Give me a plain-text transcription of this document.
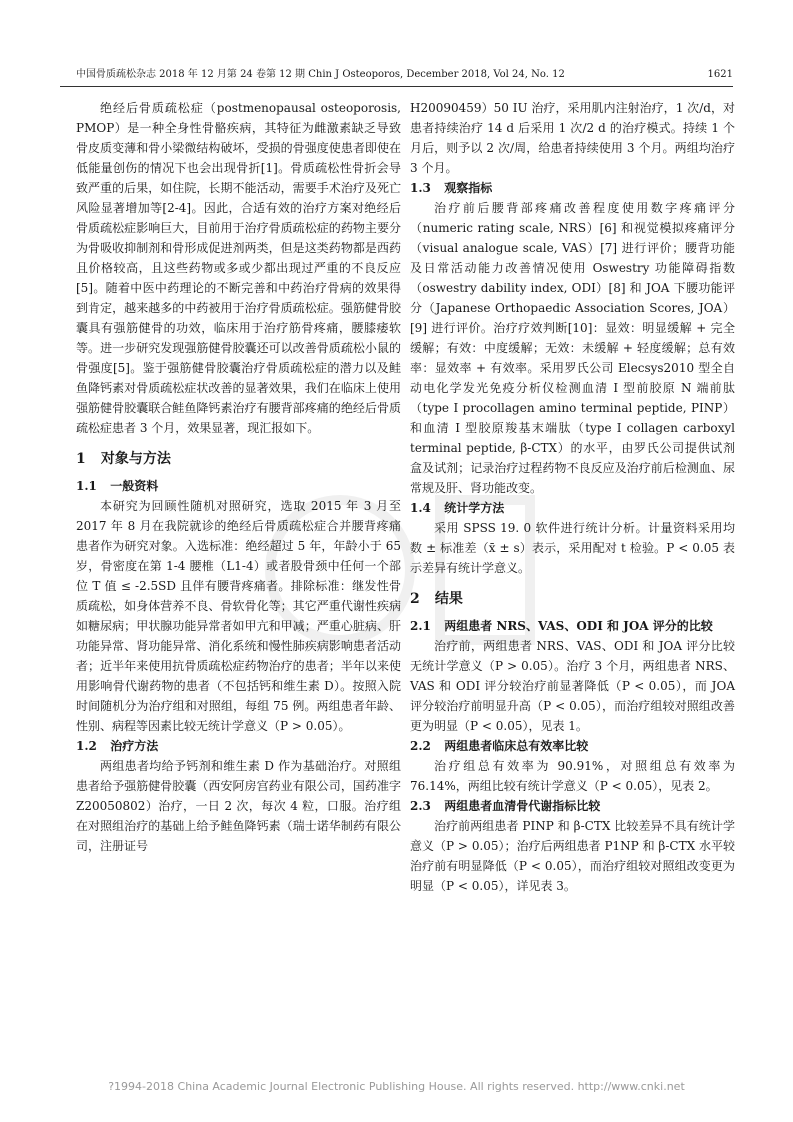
中国骨质疏松杂志 2018 年 12 月第 24 卷第 12 期 Chin J Osteoporos, December 2018, Vol 24, No. 12	1621

绝经后骨质疏松症（postmenopausal osteoporosis, PMOP）是一种全身性骨骼疾病，其特征为雌激素缺乏导致骨皮质变薄和骨小梁微结构破坏，受损的骨强度使患者即使在低能量创伤的情况下也会出现骨折[1]。骨质疏松性骨折会导致严重的后果，如住院，长期不能活动，需要手术治疗及死亡风险显著增加等[2-4]。因此，合适有效的治疗方案对绝经后骨质疏松症影响巨大，目前用于治疗骨质疏松症的药物主要分为骨吸收抑制剂和骨形成促进剂两类，但是这类药物都是西药且价格较高，且这些药物或多或少都出现过严重的不良反应[5]。随着中医中药理论的不断完善和中药治疗骨病的效果得到肯定，越来越多的中药被用于治疗骨质疏松症。强筋健骨胶囊具有强筋健骨的功效，临床用于治疗筋骨疼痛，腰膝痿软等。进一步研究发现强筋健骨胶囊还可以改善骨质疏松小鼠的骨强度[5]。鉴于强筋健骨胶囊治疗骨质疏松症的潜力以及鲑鱼降钙素对骨质疏松症状改善的显著效果，我们在临床上使用强筋健骨胶囊联合鲑鱼降钙素治疗有腰背部疼痛的绝经后骨质疏松症患者 3 个月，效果显著，现汇报如下。

1 对象与方法
1.1 一般资料

本研究为回顾性随机对照研究，选取 2015 年 3 月至 2017 年 8 月在我院就诊的绝经后骨质疏松症合并腰背疼痛患者作为研究对象。入选标准：绝经超过 5 年，年龄小于 65 岁，骨密度在第 1-4 腰椎（L1-4）或者股骨颈中任何一个部位 T 值 ≤ -2.5SD 且伴有腰背疼痛者。排除标准：继发性骨质疏松，如身体营养不良、骨软骨化等；其它严重代谢性疾病如糖尿病；甲状腺功能异常者如甲亢和甲减；严重心脏病、肝功能异常、肾功能异常、消化系统和慢性肺疾病影响患者活动者；近半年来使用抗骨质疏松症药物治疗的患者；半年以来使用影响骨代谢药物的患者（不包括钙和维生素 D）。按照入院时间随机分为治疗组和对照组，每组 75 例。两组患者年龄、性别、病程等因素比较无统计学意义（P > 0.05）。

1.2 治疗方法

两组患者均给予钙剂和维生素 D 作为基础治疗。对照组患者给予强筋健骨胶囊（西安阿房宫药业有限公司，国药准字 Z20050802）治疗，一日 2 次，每次 4 粒，口服。治疗组在对照组治疗的基础上给予鲑鱼降钙素（瑞士诺华制药有限公司，注册证号

H20090459）50 IU 治疗，采用肌内注射治疗，1 次/d，对患者持续治疗 14 d 后采用 1 次/2 d 的治疗模式。持续 1 个月后，则予以 2 次/周，给患者持续使用 3 个月。两组均治疗 3 个月。

1.3 观察指标

治疗前后腰背部疼痛改善程度使用数字疼痛评分（numeric rating scale, NRS）[6] 和视觉模拟疼痛评分（visual analogue scale, VAS）[7] 进行评价；腰背功能及日常活动能力改善情况使用 Oswestry 功能障碍指数（oswestry dability index, ODI）[8] 和 JOA 下腰功能评分（Japanese Orthopaedic Association Scores, JOA）[9] 进行评价。治疗疗效判断[10]：显效：明显缓解 + 完全缓解；有效：中度缓解；无效：未缓解 + 轻度缓解；总有效率：显效率 + 有效率。采用罗氏公司 Elecsys2010 型全自动电化学发光免疫分析仪检测血清 I 型前胶原 N 端前肽（type I procollagen amino terminal peptide, PINP）和血清 I 型胶原羧基末端肽（type I collagen carboxyl terminal peptide, β-CTX）的水平，由罗氏公司提供试剂盒及试剂；记录治疗过程药物不良反应及治疗前后检测血、尿常规及肝、肾功能改变。

1.4 统计学方法

采用 SPSS 19. 0 软件进行统计分析。计量资料采用均数 ± 标准差（x̄ ± s）表示，采用配对 t 检验。P < 0.05 表示差异有统计学意义。

2 结果
2.1 两组患者 NRS、VAS、ODI 和 JOA 评分的比较

治疗前，两组患者 NRS、VAS、ODI 和 JOA 评分比较无统计学意义（P > 0.05）。治疗 3 个月，两组患者 NRS、VAS 和 ODI 评分较治疗前显著降低（P < 0.05），而 JOA 评分较治疗前明显升高（P < 0.05），而治疗组较对照组改善更为明显（P < 0.05），见表 1。

2.2 两组患者临床总有效率比较

治疗组总有效率为 90.91%，对照组总有效率为 76.14%，两组比较有统计学意义（P < 0.05），见表 2。

2.3 两组患者血清骨代谢指标比较

治疗前两组患者 PINP 和 β-CTX 比较差异不具有统计学意义（P > 0.05）；治疗后两组患者 P1NP 和 β-CTX 水平较治疗前有明显降低（P < 0.05），而治疗组较对照组改变更为明显（P < 0.05），详见表 3。

?1994-2018 China Academic Journal Electronic Publishing House. All rights reserved. http://www.cnki.net
